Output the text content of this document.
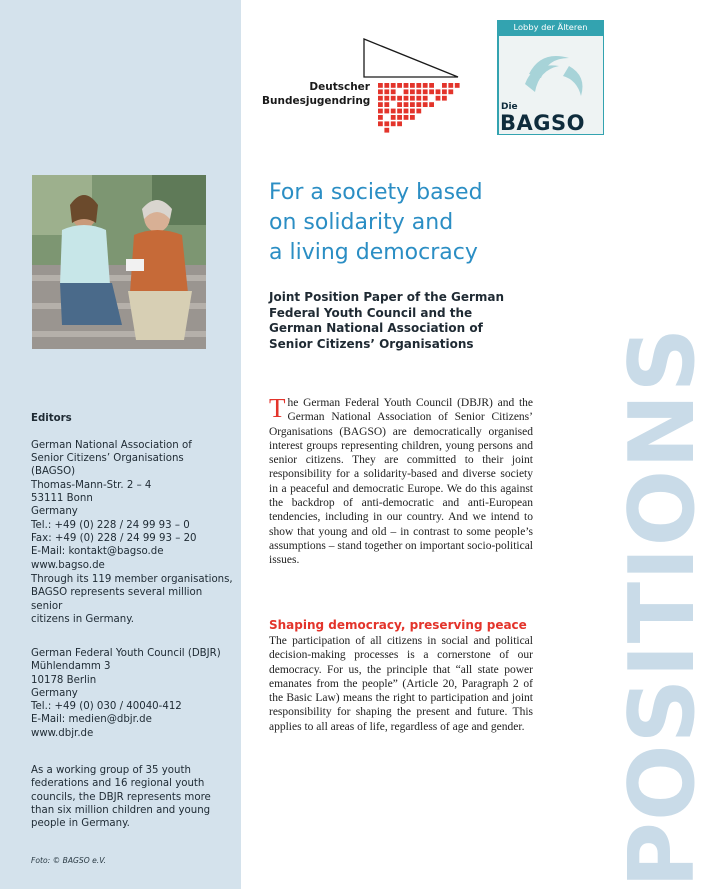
Editors

German National Association of
Senior Citizens’ Organisations
(BAGSO)
Thomas-Mann-Str. 2 – 4
53111 Bonn
Germany
Tel.: +49 (0) 228 / 24 99 93 – 0
Fax: +49 (0) 228 / 24 99 93 – 20
E-Mail: kontakt@bagso.de
www.bagso.de

Through its 119 member organisations,
BAGSO represents several million senior
citizens in Germany.
German Federal Youth Council (DBJR)
Mühlendamm 3
10178 Berlin
Germany
Tel.: +49 (0) 030 / 40040-412
E-Mail: medien@dbjr.de
www.dbjr.de
As a working group of 35 youth
federations and 16 regional youth
councils, the DBJR represents more
than six million children and young
people in Germany.
Foto: © BAGSO e.V.
Deutscher
Bundesjugendring
Lobby der Älteren
Die
BAGSO
For a society based
on solidarity and
a living democracy
Joint Position Paper of the German Federal Youth Council and the German National Association of Senior Citizens’ Organisations
The German Federal Youth Council (DBJR) and the German National Association of Senior Citizens’ Organisations (BAGSO) are democratically organised interest groups representing children, young persons and senior citizens. They are committed to their joint responsibility for a solidarity-based and diverse society in a peaceful and democratic Europe. We do this against the backdrop of anti-democratic and anti-European tendencies, including in our country. And we intend to show that young and old – in contrast to some people’s assumptions – stand together on important socio-political issues.
Shaping democracy, preserving peace
The participation of all citizens in social and political decision-making processes is a cornerstone of our democracy. For us, the principle that “all state power emanates from the people” (Article 20, Paragraph 2 of the Basic Law) means the right to participation and joint responsibility for shaping the present and future. This applies to all areas of life, regardless of age and gender. POSITIONS
